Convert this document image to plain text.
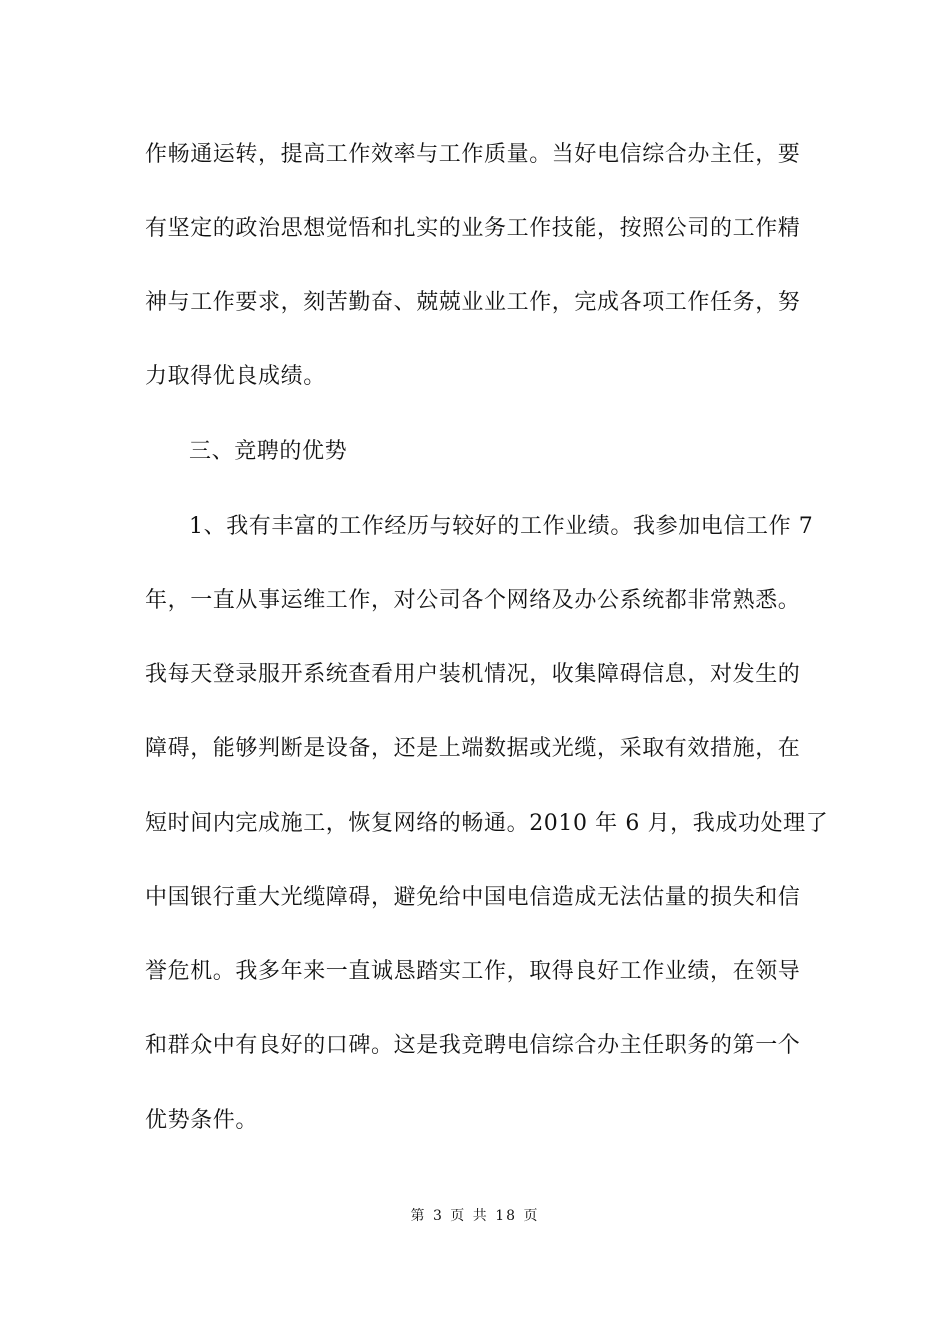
作畅通运转，提高工作效率与工作质量。当好电信综合办主任，要
有坚定的政治思想觉悟和扎实的业务工作技能，按照公司的工作精
神与工作要求，刻苦勤奋、兢兢业业工作，完成各项工作任务，努
力取得优良成绩。
三、竞聘的优势
1、我有丰富的工作经历与较好的工作业绩。我参加电信工作 7
年，一直从事运维工作，对公司各个网络及办公系统都非常熟悉。
我每天登录服开系统查看用户装机情况，收集障碍信息，对发生的
障碍，能够判断是设备，还是上端数据或光缆，采取有效措施，在
短时间内完成施工，恢复网络的畅通。2010 年 6 月，我成功处理了
中国银行重大光缆障碍，避免给中国电信造成无法估量的损失和信
誉危机。我多年来一直诚恳踏实工作，取得良好工作业绩，在领导
和群众中有良好的口碑。这是我竞聘电信综合办主任职务的第一个
优势条件。
第 3 页 共 18 页
